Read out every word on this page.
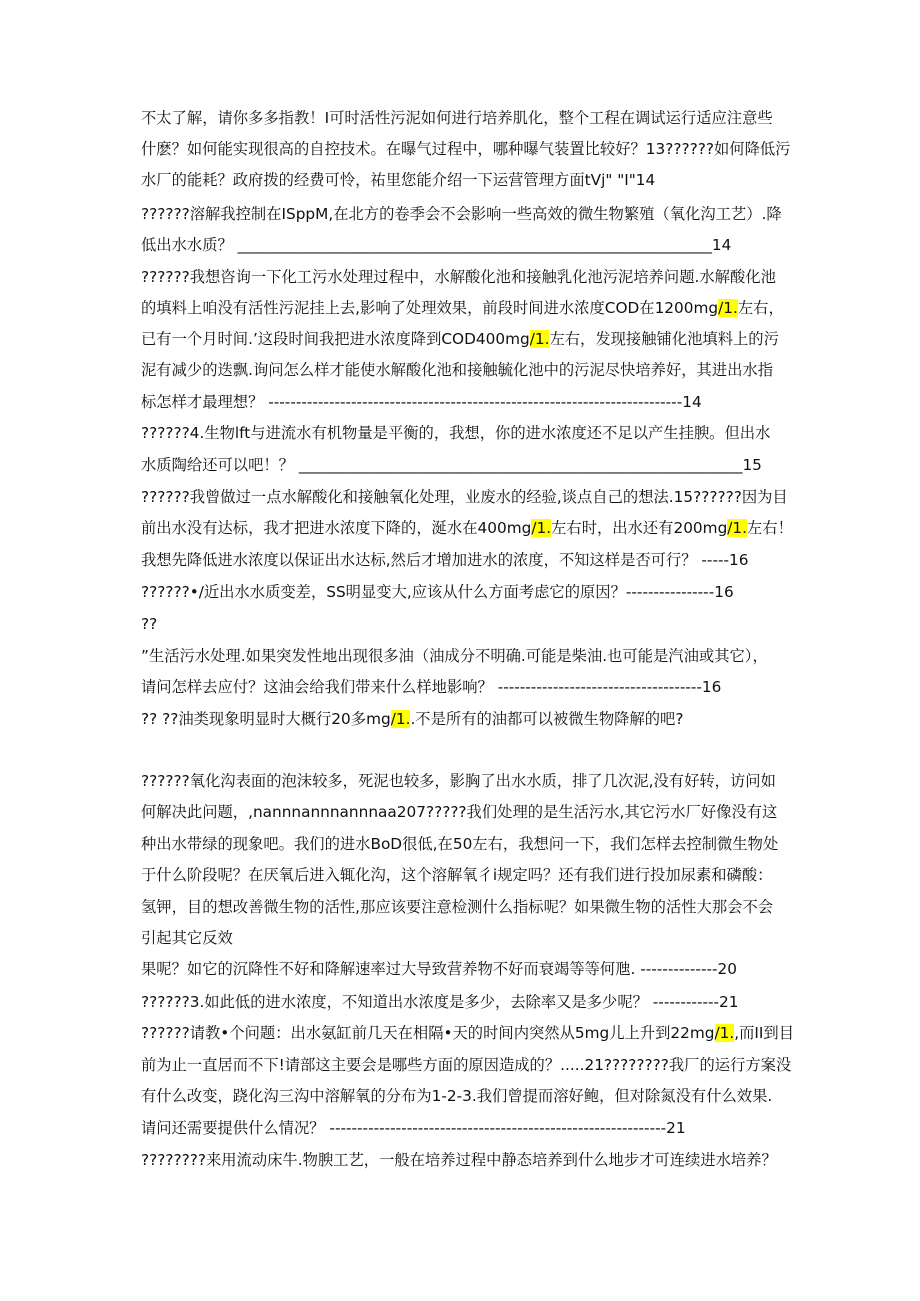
不太了解，请你多多指教！I可时活性污泥如何进行培养肌化，整个工程在调试运行适应注意些
什麽？如何能实现很高的自控技术。在曝气过程中，哪种曝气装置比较好？13??????如何降低污
水厂的能耗？政府拨的经费可怜，祐里您能介绍一下运营管理方面tVj" "I"14
??????溶解我控制在ISppM,在北方的卷季会不会影响一些高效的微生物繁殖（氧化沟工艺）.降
低出水水质？ ______________________________________________________________14
??????我想咨询一下化工污水处理过程中，水解酸化池和接触乳化池污泥培养问题.水解酸化池
的填料上咱没有活性污泥挂上去,影响了处理效果，前段时间进水浓度COD在1200mg∕1.左右，
已有一个月时间.’这段时间我把进水浓度降到COD400mg∕1.左右，发现接触铺化池填料上的污
泥有减少的迭飘.询问怎么样才能使水解酸化池和接触毓化池中的污泥尽快培养好，其进出水指
标怎样才最理想？ ---------------------------------------------------------------------------14
??????4.生物lft与进流水有机物量是平衡的，我想，你的进水浓度还不足以产生挂腴。但出水
水质陶给还可以吧！？ __________________________________________________________15
??????我曾做过一点水解酸化和接触氧化处理，业废水的经验,谈点自己的想法.15??????因为目
前出水没有达标，我才把进水浓度下降的，涎水在400mg∕1.左右时，出水还有200mg∕1.左右！
我想先降低进水浓度以保证出水达标,然后才增加进水的浓度，不知这样是否可行？ -----16
??????•/近出水水质变差，SS明显变大,应该从什么方面考虑它的原因？----------------16
??
”生活污水处理.如果突发性地出现很多油（油成分不明确.可能是柴油.也可能是汽油或其它），
请问怎样去应付？这油会给我们带来什么样地影响？ -------------------------------------16
?? ??油类现象明显时大概行20多mg∕1..不是所有的油都可以被微生物降解的吧?
??????氧化沟表面的泡沫较多，死泥也较多，影胸了出水水质，排了几次泥,没有好转，访问如
何解决此问题，,nannnannnannnaa207?????我们处理的是生活污水,其它污水厂好像没有这
种出水带绿的现象吧。我们的进水BoD很低,在50左右，我想问一下，我们怎样去控制微生物处
于什么阶段呢？在厌氧后进入辄化沟，这个溶解氧彳i规定吗？还有我们进行投加尿素和磷酸：
氢钾，目的想改善微生物的活性,那应该要注意检测什么指标呢？如果微生物的活性大那会不会
引起其它反效
果呢？如它的沉降性不好和降解速率过大导致营养物不好而衰竭等等何虺. --------------20
??????3.如此低的进水浓度，不知道出水浓度是多少，去除率又是多少呢？ ------------21
??????请教•个问题：出水氨缸前几天在相隔•天的时间内突然从5mg儿上升到22mg∕1.,而II到目
前为止一直居而不下!请部这主要会是哪些方面的原因造成的？.....21????????我厂的运行方案没
有什么改变，跷化沟三沟中溶解氧的分布为1-2-3.我们曾提而溶好鲍，但对除氮没有什么效果.
请问还需要提供什么情况？ -------------------------------------------------------------21
????????来用流动床牛.物腴工艺，一般在培养过程中静态培养到什么地步才可连续进水培养？
